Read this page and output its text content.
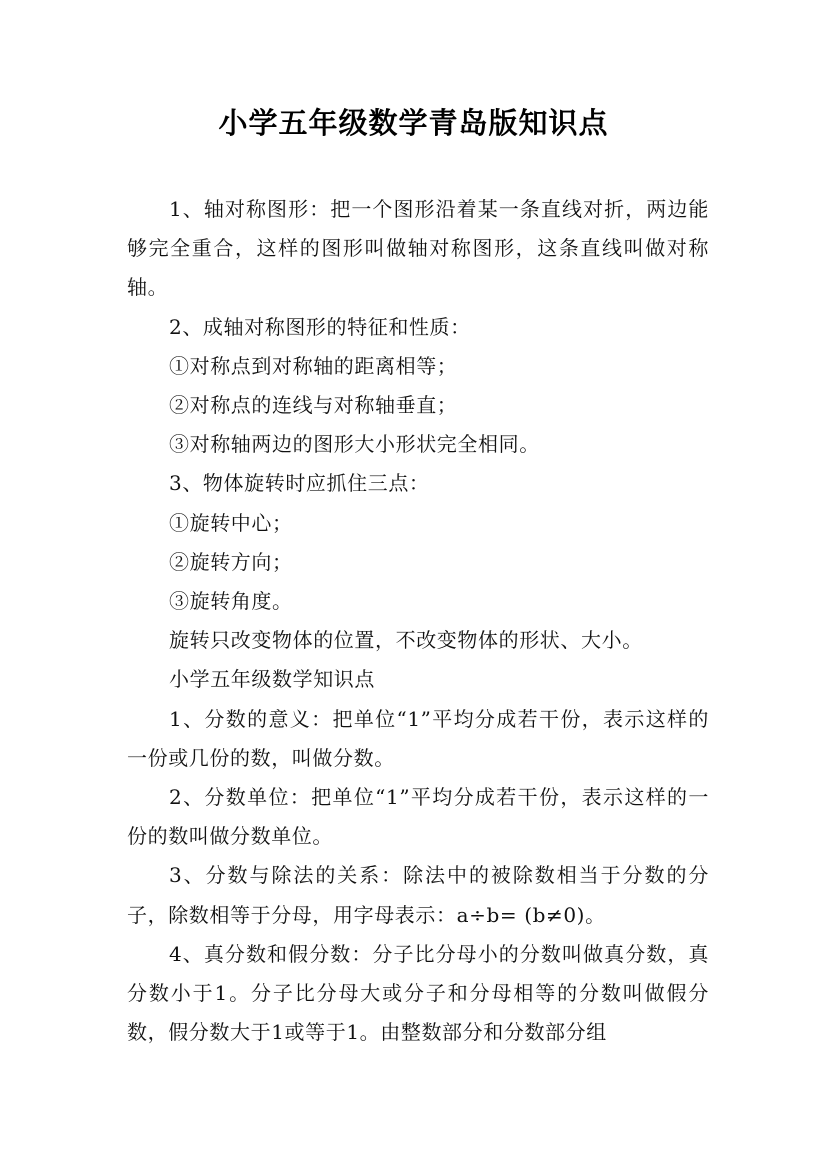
小学五年级数学青岛版知识点

1、轴对称图形：把一个图形沿着某一条直线对折，两边能够完全重合，这样的图形叫做轴对称图形，这条直线叫做对称轴。

2、成轴对称图形的特征和性质：

①对称点到对称轴的距离相等；

②对称点的连线与对称轴垂直；

③对称轴两边的图形大小形状完全相同。

3、物体旋转时应抓住三点：

①旋转中心；

②旋转方向；

③旋转角度。

旋转只改变物体的位置，不改变物体的形状、大小。

小学五年级数学知识点

1、分数的意义：把单位“1”平均分成若干份，表示这样的一份或几份的数，叫做分数。

2、分数单位：把单位“1”平均分成若干份，表示这样的一份的数叫做分数单位。

3、分数与除法的关系：除法中的被除数相当于分数的分子，除数相等于分母，用字母表示：a÷b= (b≠0)。

4、真分数和假分数：分子比分母小的分数叫做真分数，真分数小于1。分子比分母大或分子和分母相等的分数叫做假分数，假分数大于1或等于1。由整数部分和分数部分组
